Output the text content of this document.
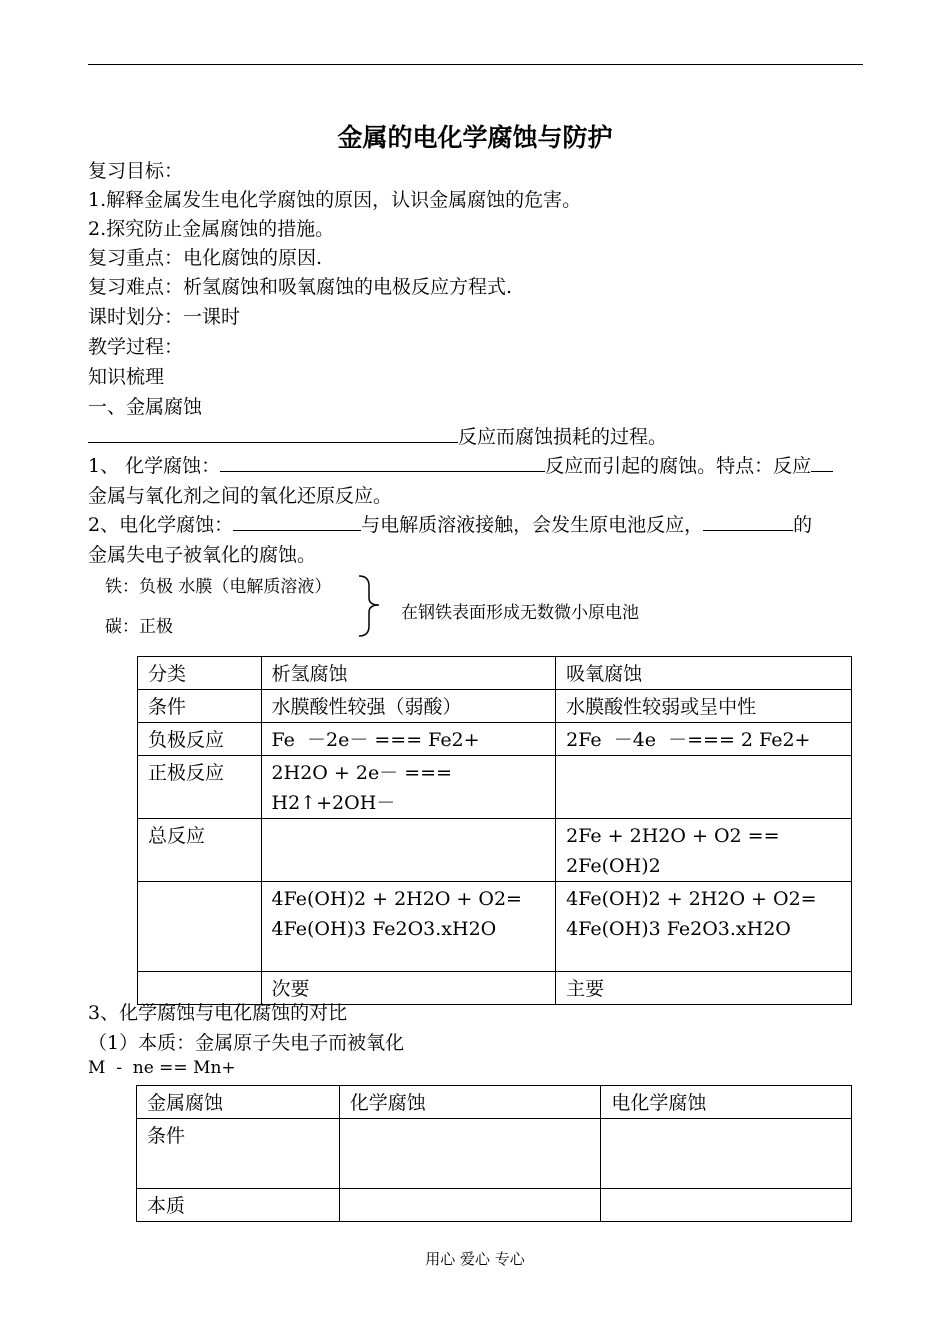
金属的电化学腐蚀与防护
复习目标：
1.解释金属发生电化学腐蚀的原因，认识金属腐蚀的危害。
2.探究防止金属腐蚀的措施。
复习重点：电化腐蚀的原因.
复习难点：析氢腐蚀和吸氧腐蚀的电极反应方程式.
课时划分：一课时
教学过程：
知识梳理
一、金属腐蚀
反应而腐蚀损耗的过程。
1、 化学腐蚀：	反应而引起的腐蚀。特点：反应
金属与氧化剂之间的氧化还原反应。
2、电化学腐蚀：	与电解质溶液接触，会发生原电池反应，	的
金属失电子被氧化的腐蚀。
铁：负极 水膜（电解质溶液）
碳：正极
在钢铁表面形成无数微小原电池
分类	析氢腐蚀	吸氧腐蚀
条件	水膜酸性较强（弱酸）	水膜酸性较弱或呈中性
负极反应	Fe  －2e－ === Fe2+	2Fe  －4e  －=== 2 Fe2+
正极反应	2H2O + 2e－ === H2↑+2OH－	
总反应		2Fe + 2H2O + O2 == 2Fe(OH)2
	4Fe(OH)2 + 2H2O + O2= 4Fe(OH)3 Fe2O3.xH2O	4Fe(OH)2 + 2H2O + O2= 4Fe(OH)3 Fe2O3.xH2O
	次要	主要
3、化学腐蚀与电化腐蚀的对比
（1）本质：金属原子失电子而被氧化
M  -  ne == Mn+
金属腐蚀	化学腐蚀	电化学腐蚀
条件		
本质		
用心 爱心 专心
